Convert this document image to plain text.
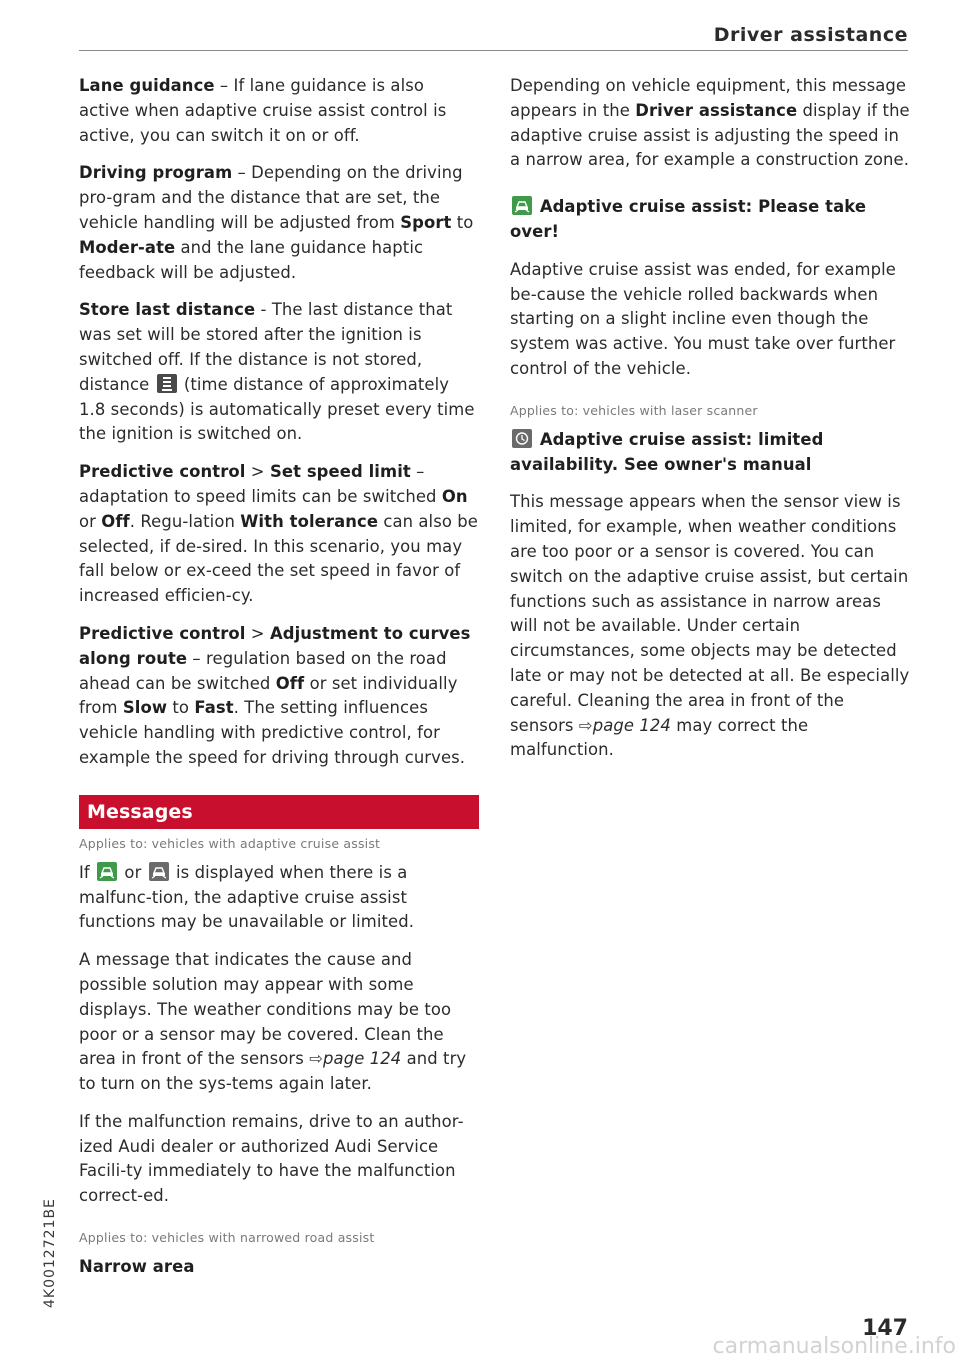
Driver assistance

Lane guidance – If lane guidance is also active when adaptive cruise assist control is active, you can switch it on or off.

Driving program – Depending on the driving pro-gram and the distance that are set, the vehicle handling will be adjusted from Sport to Moder-ate and the lane guidance haptic feedback will be adjusted.

Store last distance - The last distance that was set will be stored after the ignition is switched off. If the distance is not stored, distance
(time distance of approximately 1.8 seconds) is automatically preset every time the ignition is switched on.

Predictive control > Set speed limit – adaptation to speed limits can be switched On or Off. Regu-lation With tolerance can also be selected, if de-sired. In this scenario, you may fall below or ex-ceed the set speed in favor of increased efficien-cy.

Predictive control > Adjustment to curves along route – regulation based on the road ahead can be switched Off or set individually from Slow to Fast. The setting influences vehicle handling with predictive control, for example the speed for driving through curves.

Messages

Applies to: vehicles with adaptive cruise assist

If
or
is displayed when there is a malfunc-tion, the adaptive cruise assist functions may be unavailable or limited.

A message that indicates the cause and possible solution may appear with some displays. The weather conditions may be too poor or a sensor may be covered. Clean the area in front of the sensors ⇨page 124 and try to turn on the sys-tems again later.

If the malfunction remains, drive to an author-ized Audi dealer or authorized Audi Service Facili-ty immediately to have the malfunction correct-ed.

Applies to: vehicles with narrowed road assist

Narrow area

Depending on vehicle equipment, this message appears in the Driver assistance display if the adaptive cruise assist is adjusting the speed in a narrow area, for example a construction zone.

Adaptive cruise assist: Please take over!

Adaptive cruise assist was ended, for example be-cause the vehicle rolled backwards when starting on a slight incline even though the system was active. You must take over further control of the vehicle.

Applies to: vehicles with laser scanner

Adaptive cruise assist: limited availability. See owner's manual

This message appears when the sensor view is limited, for example, when weather conditions are too poor or a sensor is covered. You can switch on the adaptive cruise assist, but certain functions such as assistance in narrow areas will not be available. Under certain circumstances, some objects may be detected late or may not be detected at all. Be especially careful. Cleaning the area in front of the sensors ⇨page 124 may correct the malfunction.

4K0012721BE
147
carmanualsonline.info
